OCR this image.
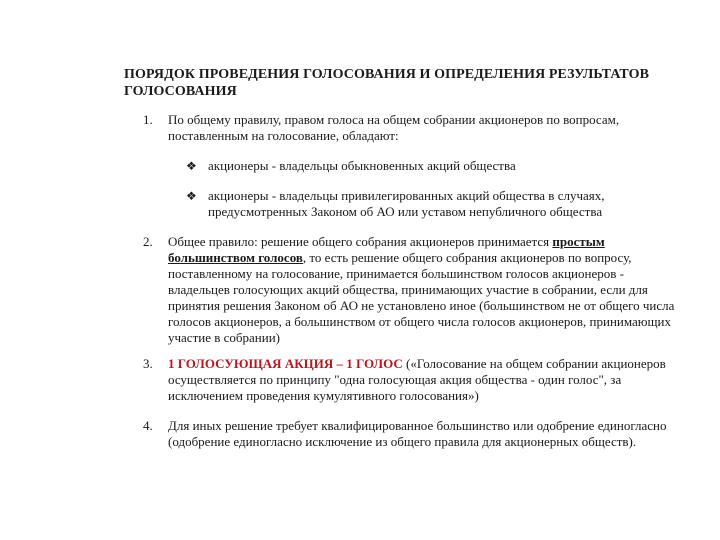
ПОРЯДОК ПРОВЕДЕНИЯ ГОЛОСОВАНИЯ И ОПРЕДЕЛЕНИЯ РЕЗУЛЬТАТОВ ГОЛОСОВАНИЯ
1.	По общему правилу, правом голоса на общем собрании акционеров по вопросам, поставленным на голосование, обладают:
❖ акционеры - владельцы обыкновенных акций общества
❖ акционеры - владельцы привилегированных акций общества в случаях, предусмотренных Законом об АО или уставом непубличного общества
2.	Общее правило: решение общего собрания акционеров принимается простым большинством голосов, то есть решение общего собрания акционеров по вопросу, поставленному на голосование, принимается большинством голосов акционеров - владельцев голосующих акций общества, принимающих участие в собрании, если для принятия решения Законом об АО не установлено иное (большинством не от общего числа голосов акционеров, а большинством от общего числа голосов акционеров, принимающих участие в собрании)
3.	1 ГОЛОСУЮЩАЯ АКЦИЯ – 1 ГОЛОС («Голосование на общем собрании акционеров осуществляется по принципу "одна голосующая акция общества - один голос", за исключением проведения кумулятивного голосования»)
4.	Для иных решение требует квалифицированное большинство или одобрение единогласно (одобрение единогласно исключение из общего правила для акционерных обществ).
